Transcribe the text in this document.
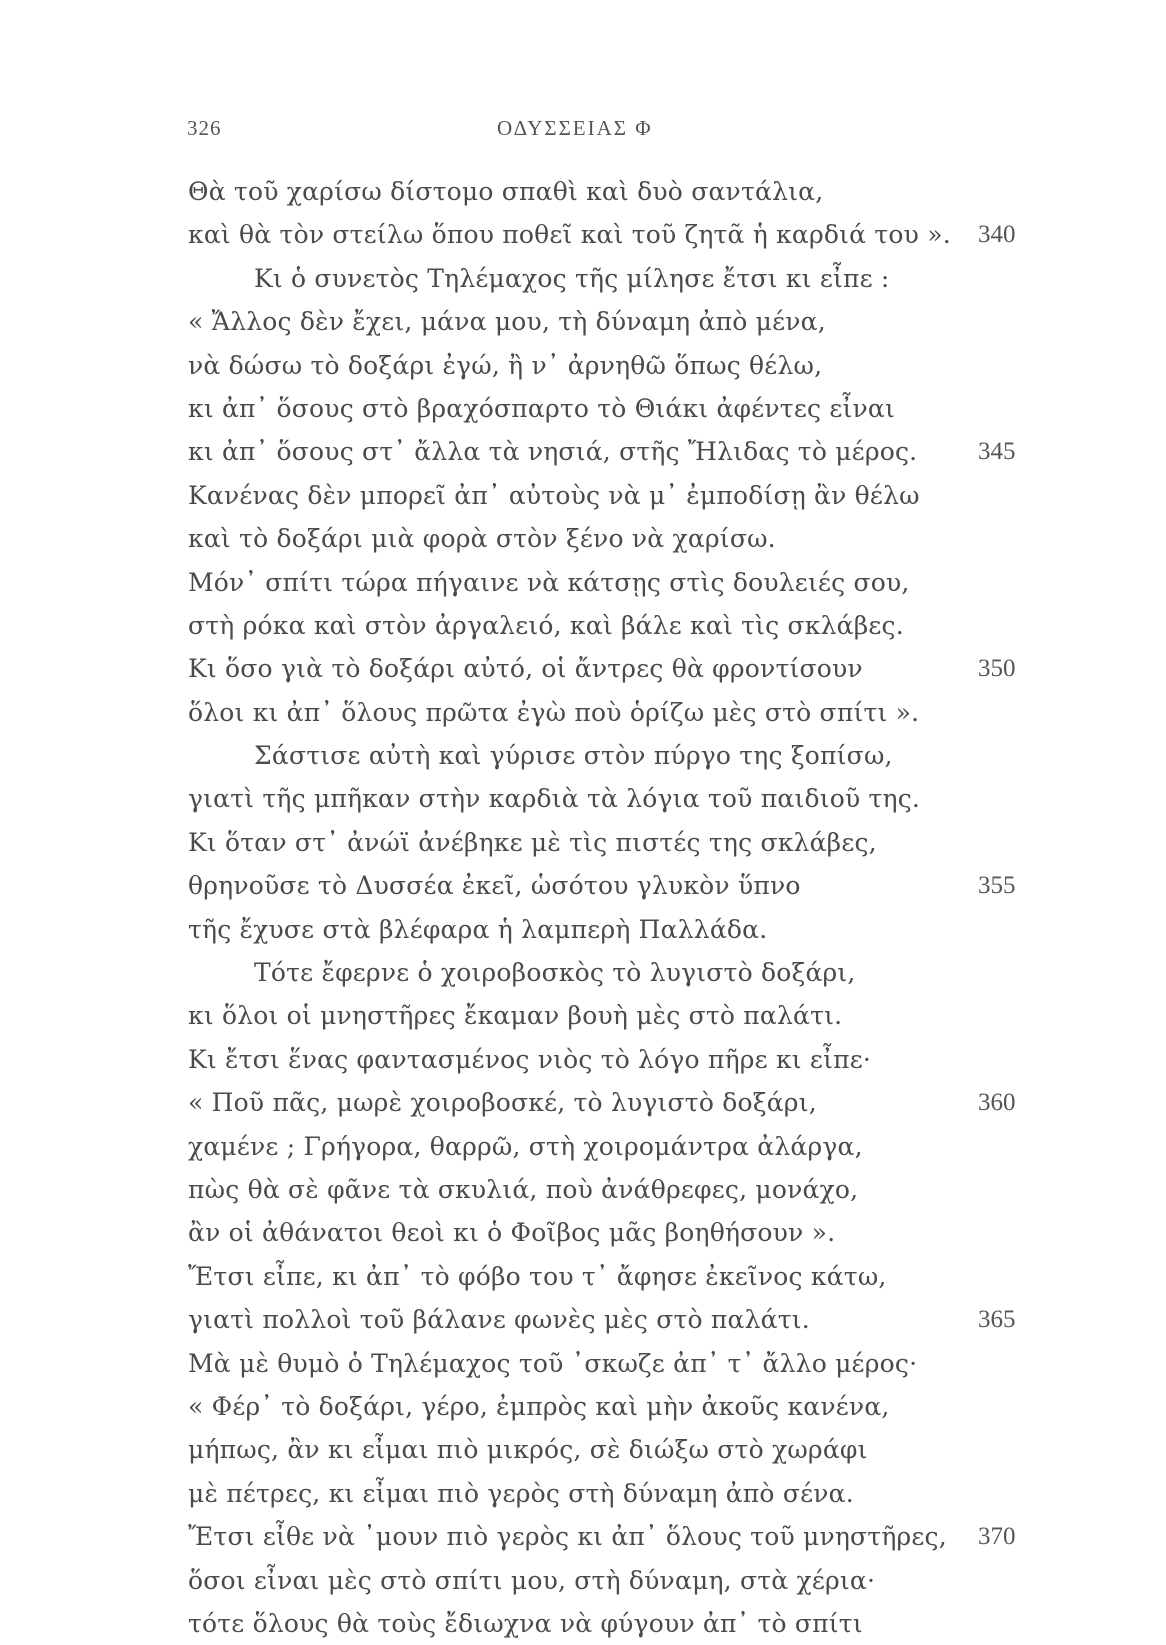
326	ΟΔΥΣΣΕΙΑΣ Φ
Θὰ τοῦ χαρίσω δίστομο σπαθὶ καὶ δυὸ σαντάλια,
καὶ θὰ τὸν στείλω ὅπου ποθεῖ καὶ τοῦ ζητᾶ ἡ καρδιά του ». 340
Κι ὁ συνετὸς Τηλέμαχος τῆς μίλησε ἔτσι κι εἶπε :
« Ἄλλος δὲν ἔχει, μάνα μου, τὴ δύναμη ἀπὸ μένα,
νὰ δώσω τὸ δοξάρι ἐγώ, ἢ ν᾽ ἀρνηθῶ ὅπως θέλω,
κι ἀπ᾽ ὅσους στὸ βραχόσπαρτο τὸ Θιάκι ἀφέντες εἶναι
κι ἀπ᾽ ὅσους στ᾽ ἄλλα τὰ νησιά, στῆς Ἤλιδας τὸ μέρος. 345
Κανένας δὲν μπορεῖ ἀπ᾽ αὐτοὺς νὰ μ᾽ ἐμποδίσῃ ἂν θέλω
καὶ τὸ δοξάρι μιὰ φορὰ στὸν ξένο νὰ χαρίσω.
Μόν᾽ σπίτι τώρα πήγαινε νὰ κάτσῃς στὶς δουλειές σου,
στὴ ρόκα καὶ στὸν ἀργαλειό, καὶ βάλε καὶ τὶς σκλάβες.
Κι ὅσο γιὰ τὸ δοξάρι αὐτό, οἱ ἄντρες θὰ φροντίσουν	350
ὅλοι κι ἀπ᾽ ὅλους πρῶτα ἐγὼ ποὺ ὁρίζω μὲς στὸ σπίτι ».
Σάστισε αὐτὴ καὶ γύρισε στὸν πύργο της ξοπίσω,
γιατὶ τῆς μπῆκαν στὴν καρδιὰ τὰ λόγια τοῦ παιδιοῦ της.
Κι ὅταν στ᾽ ἀνώϊ ἀνέβηκε μὲ τὶς πιστές της σκλάβες,
θρηνοῦσε τὸ Δυσσέα ἐκεῖ, ὡσότου γλυκὸν ὕπνο	355
τῆς ἔχυσε στὰ βλέφαρα ἡ λαμπερὴ Παλλάδα.
Τότε ἔφερνε ὁ χοιροβοσκὸς τὸ λυγιστὸ δοξάρι,
κι ὅλοι οἱ μνηστῆρες ἔκαμαν βουὴ μὲς στὸ παλάτι.
Κι ἔτσι ἕνας φαντασμένος νιὸς τὸ λόγο πῆρε κι εἶπε·
« Ποῦ πᾶς, μωρὲ χοιροβοσκέ, τὸ λυγιστὸ δοξάρι,	360
χαμένε ; Γρήγορα, θαρρῶ, στὴ χοιρομάντρα ἀλάργα,
πὼς θὰ σὲ φᾶνε τὰ σκυλιά, ποὺ ἀνάθρεφες, μονάχο,
ἂν οἱ ἀθάνατοι θεοὶ κι ὁ Φοῖβος μᾶς βοηθήσουν ».
Ἔτσι εἶπε, κι ἀπ᾽ τὸ φόβο του τ᾽ ἄφησε ἐκεῖνος κάτω,
γιατὶ πολλοὶ τοῦ βάλανε φωνὲς μὲς στὸ παλάτι.	365
Μὰ μὲ θυμὸ ὁ Τηλέμαχος τοῦ ᾽σκωζε ἀπ᾽ τ᾽ ἄλλο μέρος·
« Φέρ᾽ τὸ δοξάρι, γέρο, ἐμπρὸς καὶ μὴν ἀκοῦς κανένα,
μήπως, ἂν κι εἶμαι πιὸ μικρός, σὲ διώξω στὸ χωράφι
μὲ πέτρες, κι εἶμαι πιὸ γερὸς στὴ δύναμη ἀπὸ σένα.
Ἔτσι εἶθε νὰ ᾽μουν πιὸ γερὸς κι ἀπ᾽ ὅλους τοῦ μνηστῆρες, 370
ὅσοι εἶναι μὲς στὸ σπίτι μου, στὴ δύναμη, στὰ χέρια·
τότε ὅλους θὰ τοὺς ἔδιωχνα νὰ φύγουν ἀπ᾽ τὸ σπίτι
